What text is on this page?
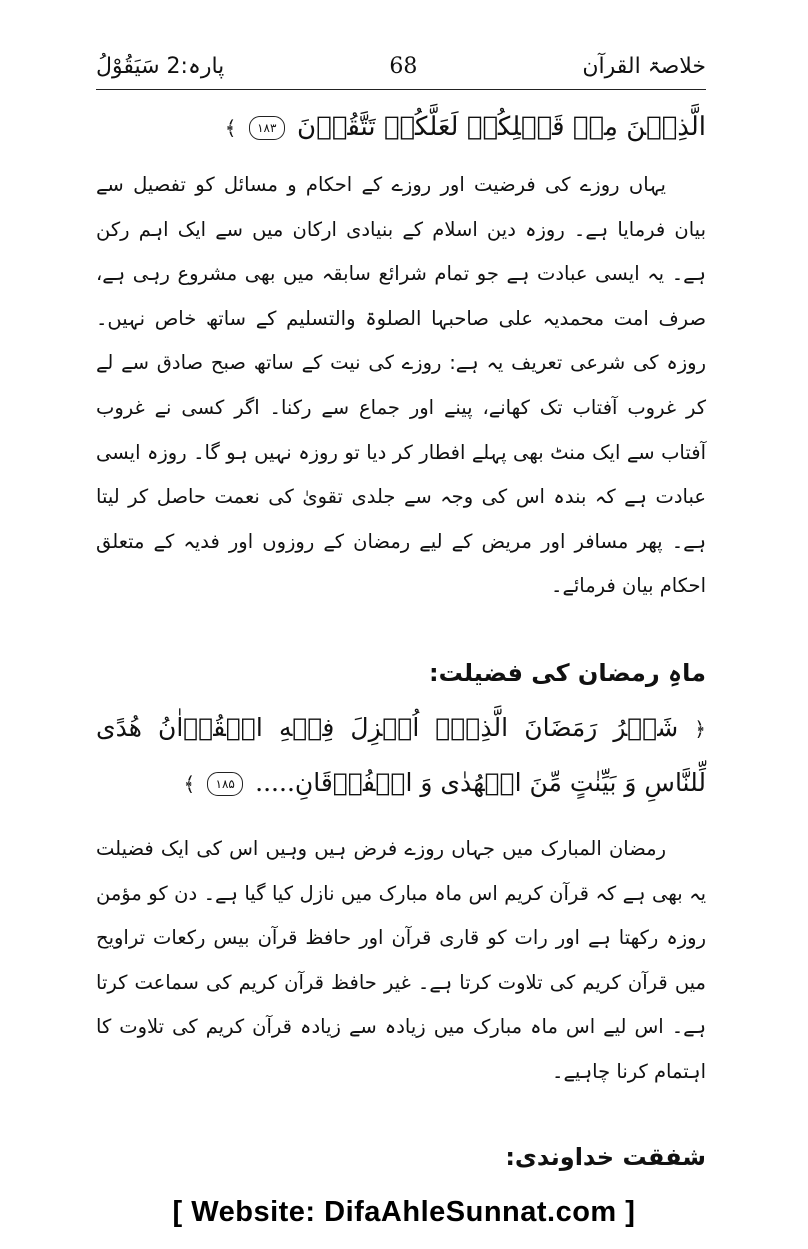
خلاصۃ القرآن
68
پارہ:2 سَیَقُوْلُ

الَّذِیۡنَ مِنۡ قَبۡلِکُمۡ لَعَلَّکُمۡ تَتَّقُوۡنَ ۱۸۳ ﴾

یہاں روزے کی فرضیت اور روزے کے احکام و مسائل کو تفصیل سے بیان فرمایا ہے۔ روزہ دین اسلام کے بنیادی ارکان میں سے ایک اہم رکن ہے۔ یہ ایسی عبادت ہے جو تمام شرائع سابقہ میں بھی مشروع رہی ہے، صرف امت محمدیہ علی صاحبہا الصلوۃ والتسلیم کے ساتھ خاص نہیں۔ روزہ کی شرعی تعریف یہ ہے: روزے کی نیت کے ساتھ صبح صادق سے لے کر غروب آفتاب تک کھانے، پینے اور جماع سے رکنا۔ اگر کسی نے غروب آفتاب سے ایک منٹ بھی پہلے افطار کر دیا تو روزہ نہیں ہو گا۔ روزہ ایسی عبادت ہے کہ بندہ اس کی وجہ سے جلدی تقویٰ کی نعمت حاصل کر لیتا ہے۔ پھر مسافر اور مریض کے لیے رمضان کے روزوں اور فدیہ کے متعلق احکام بیان فرمائے۔

ماہِ رمضان کی فضیلت:

﴿ شَهۡرُ رَمَضَانَ الَّذِیۡۤ اُنۡزِلَ فِیۡهِ الۡقُرۡاٰنُ هُدًی لِّلنَّاسِ وَ بَیِّنٰتٍ مِّنَ الۡهُدٰی وَ الۡفُرۡقَانِ..... ۱۸۵ ﴾

رمضان المبارک میں جہاں روزے فرض ہیں وہیں اس کی ایک فضیلت یہ بھی ہے کہ قرآن کریم اس ماہ مبارک میں نازل کیا گیا ہے۔ دن کو مؤمن روزہ رکھتا ہے اور رات کو قاری قرآن اور حافظ قرآن بیس رکعات تراویح میں قرآن کریم کی تلاوت کرتا ہے۔ غیر حافظ قرآن کریم کی سماعت کرتا ہے۔ اس لیے اس ماہ مبارک میں زیادہ سے زیادہ قرآن کریم کی تلاوت کا اہتمام کرنا چاہیے۔

شفقت خداوندی:

[ Website: DifaAhleSunnat.com ]
